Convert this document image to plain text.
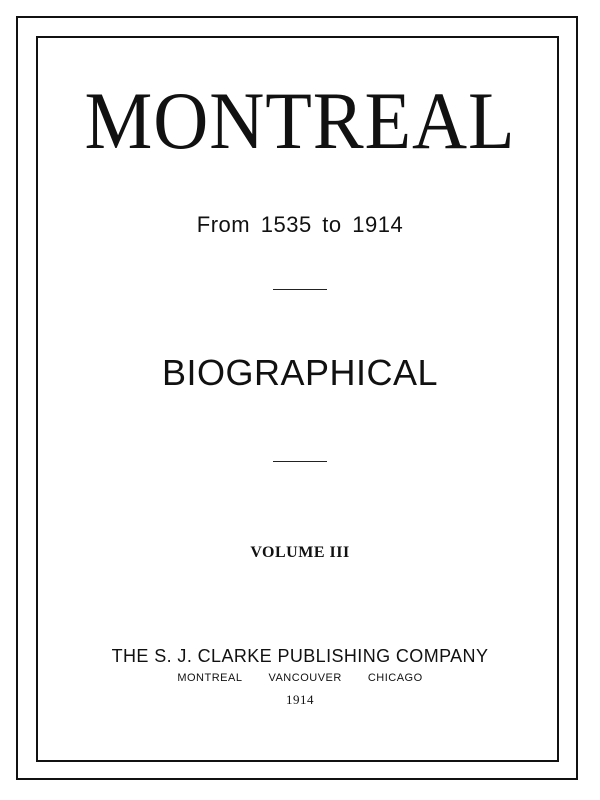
MONTREAL
From 1535 to 1914
BIOGRAPHICAL
VOLUME III
THE S. J. CLARKE PUBLISHING COMPANY
MONTREAL VANCOUVER CHICAGO
1914
